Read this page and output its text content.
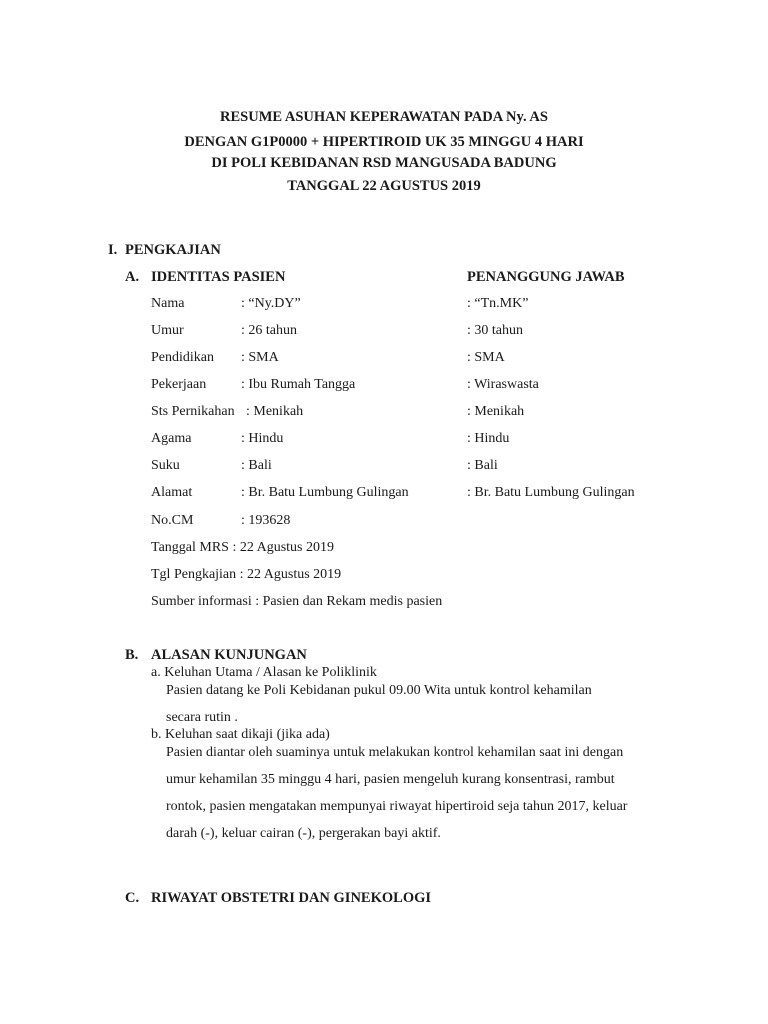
RESUME ASUHAN KEPERAWATAN PADA Ny. AS
DENGAN G1P0000 + HIPERTIROID UK 35 MINGGU 4 HARI
DI POLI KEBIDANAN RSD MANGUSADA BADUNG
TANGGAL 22 AGUSTUS 2019
I. PENGKAJIAN
A. IDENTITAS PASIEN	PENANGGUNG JAWAB
Nama	: “Ny.DY”	: “Tn.MK”
Umur	: 26 tahun	: 30 tahun
Pendidikan : SMA	: SMA
Pekerjaan : Ibu Rumah Tangga	: Wiraswasta
Sts Pernikahan : Menikah	: Menikah
Agama	: Hindu	: Hindu
Suku	: Bali	: Bali
Alamat	: Br. Batu Lumbung Gulingan	: Br. Batu Lumbung Gulingan
No.CM	: 193628
Tanggal MRS : 22 Agustus 2019
Tgl Pengkajian : 22 Agustus 2019
Sumber informasi : Pasien dan Rekam medis pasien
B. ALASAN KUNJUNGAN
a. Keluhan Utama / Alasan ke Poliklinik
Pasien datang ke Poli Kebidanan pukul 09.00 Wita untuk kontrol kehamilan
secara rutin .
b. Keluhan saat dikaji (jika ada)
Pasien diantar oleh suaminya untuk melakukan kontrol kehamilan saat ini dengan
umur kehamilan 35 minggu 4 hari, pasien mengeluh kurang konsentrasi, rambut
rontok, pasien mengatakan mempunyai riwayat hipertiroid seja tahun 2017, keluar
darah (-), keluar cairan (-), pergerakan bayi aktif.
C. RIWAYAT OBSTETRI DAN GINEKOLOGI
